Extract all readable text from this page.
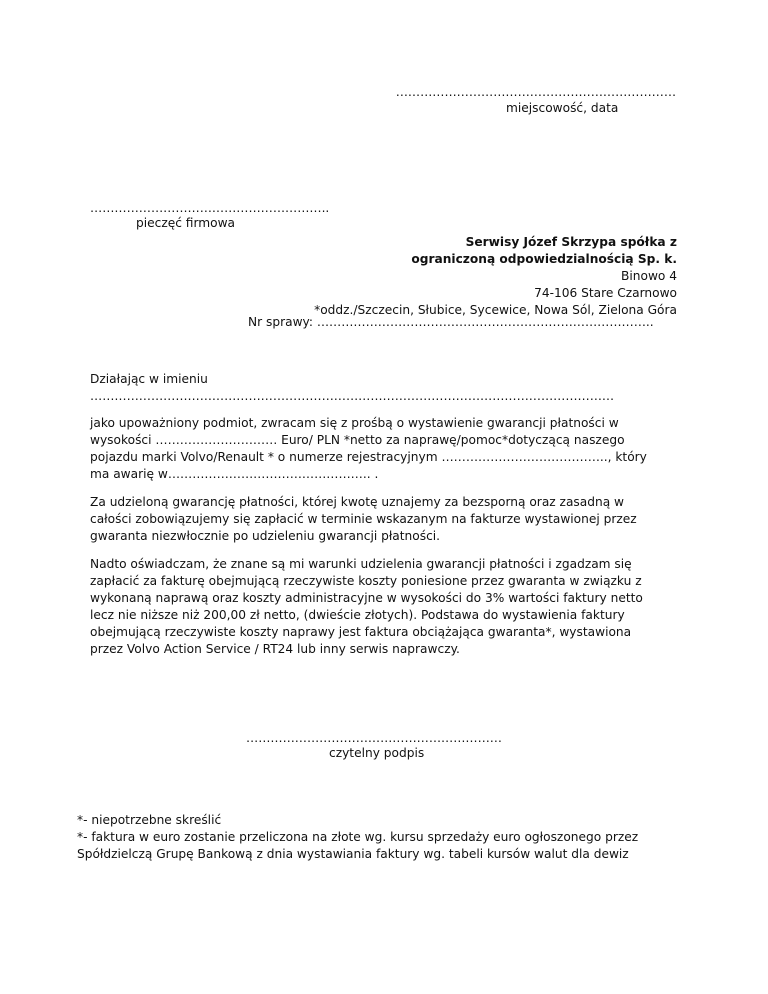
……………………………………………………………
miejscowość, data
…………………………………………………..
pieczęć firmowa
Serwisy Józef Skrzypa spółka z
ograniczoną odpowiedzialnością Sp. k.
Binowo 4
74-106 Stare Czarnowo
*oddz./Szczecin, Słubice, Sycewice, Nowa Sól, Zielona Góra
Nr sprawy: ………………………………………………………………………..
Działając w imieniu
…………………………………………………………………………………………………………………
jako upoważniony podmiot, zwracam się z prośbą o wystawienie gwarancji płatności w
wysokości ………………………… Euro/ PLN *netto za naprawę/pomoc*dotyczącą naszego
pojazdu marki Volvo/Renault * o numerze rejestracyjnym ………………………………….., który
ma awarię w………………………………………….. .
Za udzieloną gwarancję płatności, której kwotę uznajemy za bezsporną oraz zasadną w
całości zobowiązujemy się zapłacić w terminie wskazanym na fakturze wystawionej przez
gwaranta niezwłocznie po udzieleniu gwarancji płatności.
Nadto oświadczam, że znane są mi warunki udzielenia gwarancji płatności i zgadzam się
zapłacić za fakturę obejmującą rzeczywiste koszty poniesione przez gwaranta w związku z
wykonaną naprawą oraz koszty administracyjne w wysokości do 3% wartości faktury netto
lecz nie niższe niż 200,00 zł netto, (dwieście złotych). Podstawa do wystawienia faktury
obejmującą rzeczywiste koszty naprawy jest faktura obciążająca gwaranta*, wystawiona
przez Volvo Action Service / RT24 lub inny serwis naprawczy.
………………………………………………………
czytelny podpis
*- niepotrzebne skreślić
*- faktura w euro zostanie przeliczona na złote wg. kursu sprzedaży euro ogłoszonego przez
Spółdzielczą Grupę Bankową z dnia wystawiania faktury wg. tabeli kursów walut dla dewiz
